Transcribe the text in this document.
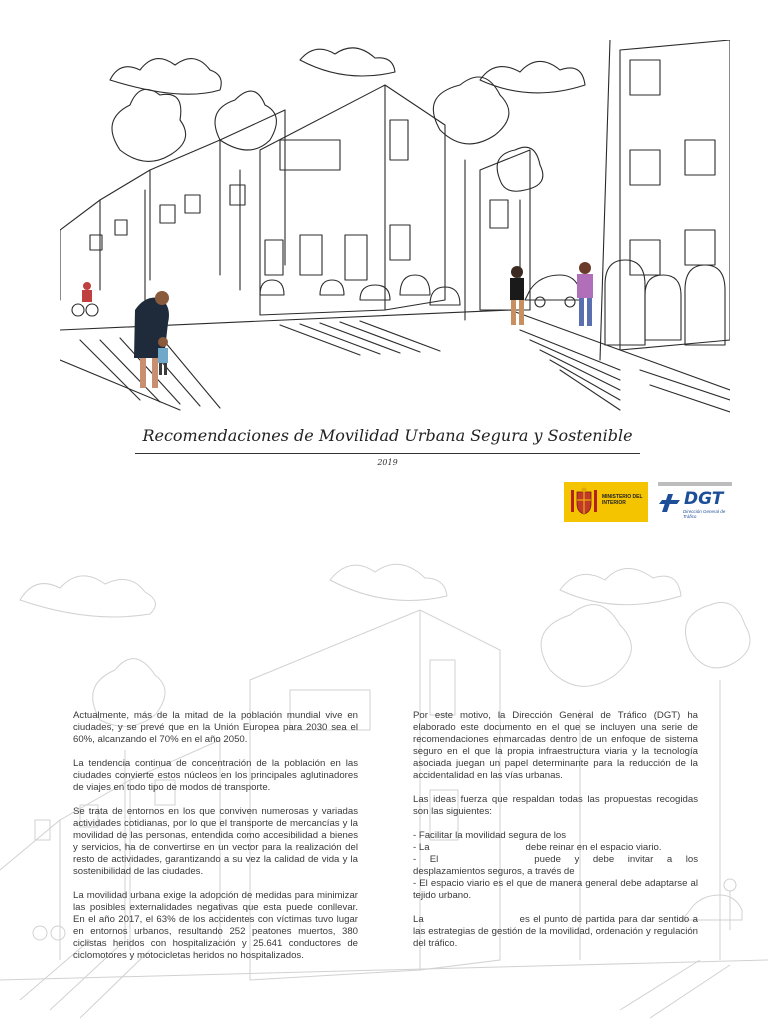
Recomendaciones de Movilidad Urbana Segura y Sostenible
2019
MINISTERIO DEL INTERIOR	DGT
Dirección General de Tráfico

Actualmente, más de la mitad de la población mundial vive en ciudades, y se prevé que en la Unión Europea para 2030 sea el 60%, alcanzando el 70% en el año 2050.

La tendencia continua de concentración de la población en las ciudades convierte estos núcleos en los principales aglutinadores de viajes en todo tipo de modos de transporte.

Se trata de entornos en los que conviven numerosas y variadas actividades cotidianas, por lo que el transporte de mercancías y la movilidad de las personas, entendida como accesibilidad a bienes y servicios, ha de convertirse en un vector para la realización del resto de actividades, garantizando a su vez la calidad de vida y la sostenibilidad de las ciudades.

La movilidad urbana exige la adopción de medidas para minimizar las posibles externalidades negativas que esta puede conllevar. En el año 2017, el 63% de los accidentes con víctimas tuvo lugar en entornos urbanos, resultando 252 peatones muertos, 380 ciclistas heridos con hospitalización y 25.641 conductores de ciclomotores y motocicletas heridos no hospitalizados.

Por este motivo, la Dirección General de Tráfico (DGT) ha elaborado este documento en el que se incluyen una serie de recomendaciones enmarcadas dentro de un enfoque de sistema seguro en el que la propia infraestructura viaria y la tecnología asociada juegan un papel determinante para la reducción de la accidentalidad en las vías urbanas.

Las ideas fuerza que respaldan todas las propuestas recogidas son las siguientes:

- Facilitar la movilidad segura de los
- La	debe reinar en el espacio viario.
- El	puede y debe invitar a los desplazamientos seguros, a través de
- El espacio viario es el que de manera general debe adaptarse al tejido urbano.

La	es el punto de partida para dar sentido a las estrategias de gestión de la movilidad, ordenación y regulación del tráfico.
